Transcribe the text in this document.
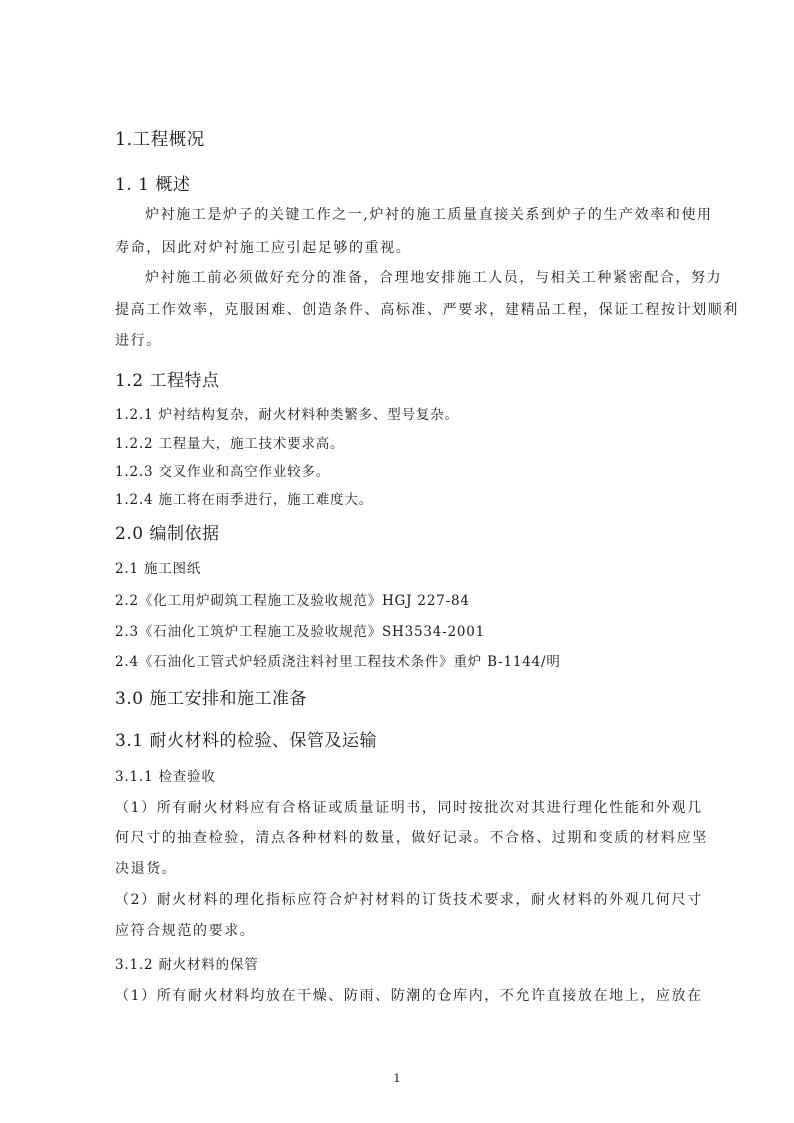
1.工程概况
1. 1 概述
炉衬施工是炉子的关键工作之一,炉衬的施工质量直接关系到炉子的生产效率和使用
寿命，因此对炉衬施工应引起足够的重视。
炉衬施工前必须做好充分的准备，合理地安排施工人员，与相关工种紧密配合，努力
提高工作效率，克服困难、创造条件、高标准、严要求，建精品工程，保证工程按计划顺利
进行。
1.2 工程特点
1.2.1 炉衬结构复杂，耐火材料种类繁多、型号复杂。
1.2.2 工程量大，施工技术要求高。
1.2.3 交叉作业和高空作业较多。
1.2.4 施工将在雨季进行，施工难度大。
2.0 编制依据
2.1 施工图纸
2.2《化工用炉砌筑工程施工及验收规范》HGJ 227-84
2.3《石油化工筑炉工程施工及验收规范》SH3534-2001
2.4《石油化工管式炉轻质浇注料衬里工程技术条件》重炉 B-1144/明
3.0 施工安排和施工准备
3.1 耐火材料的检验、保管及运输
3.1.1 检查验收
（1）所有耐火材料应有合格证或质量证明书，同时按批次对其进行理化性能和外观几
何尺寸的抽查检验，清点各种材料的数量，做好记录。不合格、过期和变质的材料应坚
决退货。
（2）耐火材料的理化指标应符合炉衬材料的订货技术要求，耐火材料的外观几何尺寸
应符合规范的要求。
3.1.2 耐火材料的保管
（1）所有耐火材料均放在干燥、防雨、防潮的仓库内，不允许直接放在地上，应放在
1
